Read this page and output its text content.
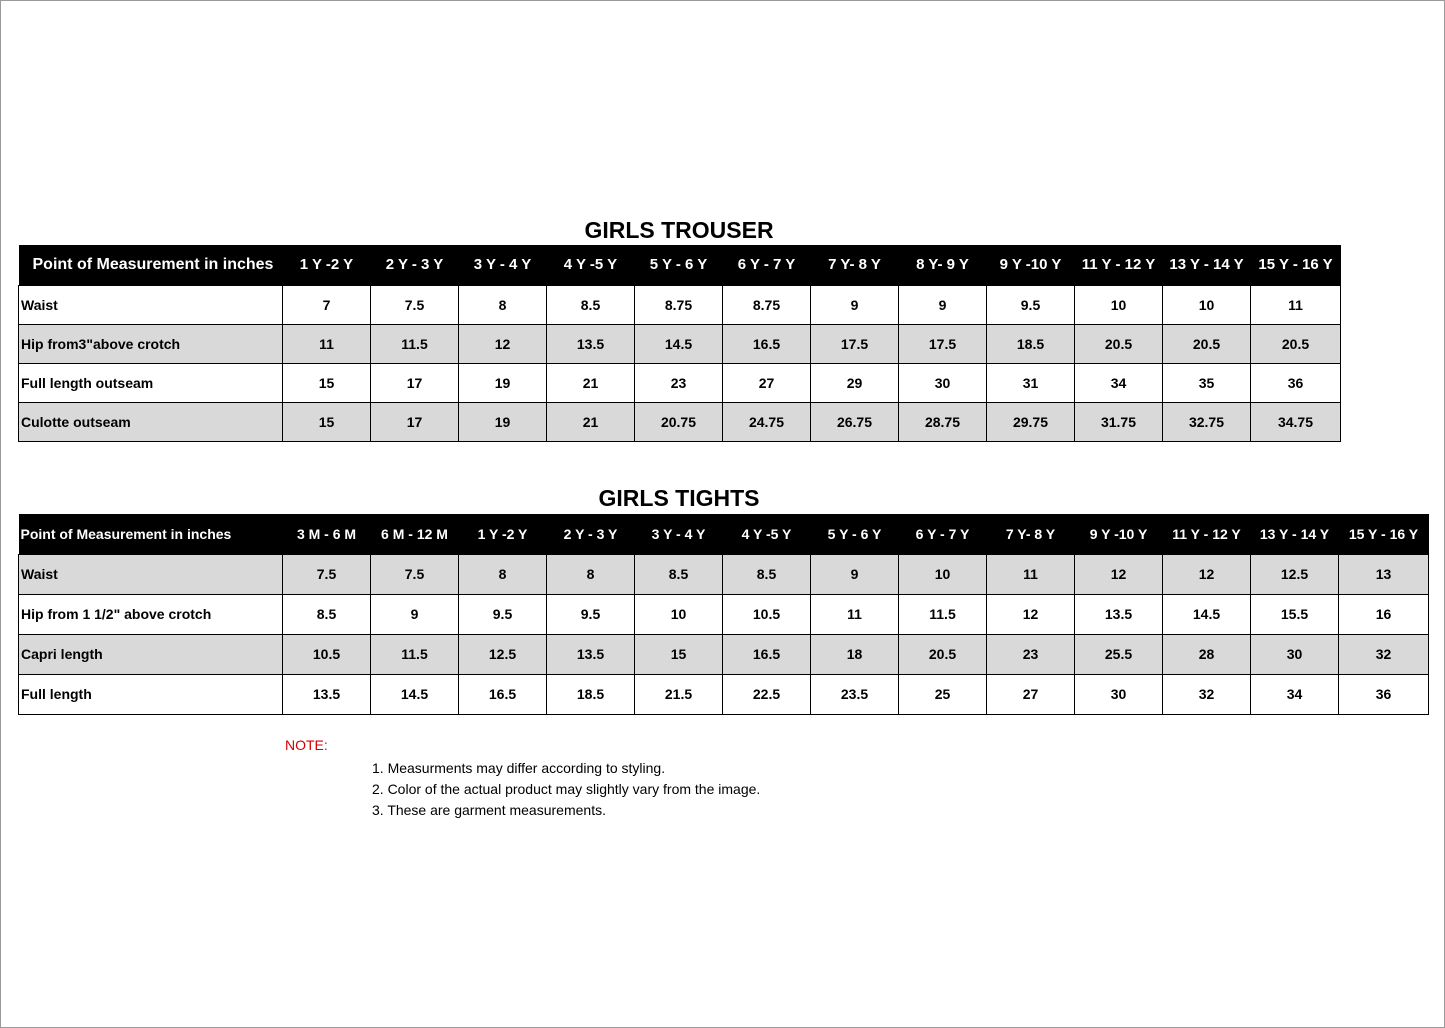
GIRLS TROUSER
Point of Measurement in inches	1 Y -2 Y	2 Y - 3 Y	3 Y - 4 Y	4 Y -5 Y	5 Y - 6 Y	6 Y - 7 Y	7 Y- 8 Y	8 Y- 9 Y	9 Y -10 Y	11 Y - 12 Y	13 Y - 14 Y	15 Y - 16 Y
Waist	7	7.5	8	8.5	8.75	8.75	9	9	9.5	10	10	11
Hip from3"above crotch	11	11.5	12	13.5	14.5	16.5	17.5	17.5	18.5	20.5	20.5	20.5
Full length outseam	15	17	19	21	23	27	29	30	31	34	35	36
Culotte outseam	15	17	19	21	20.75	24.75	26.75	28.75	29.75	31.75	32.75	34.75
GIRLS TIGHTS
Point of Measurement in inches	3 M - 6 M	6 M - 12 M	1 Y -2 Y	2 Y - 3 Y	3 Y - 4 Y	4 Y -5 Y	5 Y - 6 Y	6 Y - 7 Y	7 Y- 8 Y	9 Y -10 Y	11 Y - 12 Y	13 Y - 14 Y	15 Y - 16 Y
Waist	7.5	7.5	8	8	8.5	8.5	9	10	11	12	12	12.5	13
Hip from 1 1/2" above crotch	8.5	9	9.5	9.5	10	10.5	11	11.5	12	13.5	14.5	15.5	16
Capri length	10.5	11.5	12.5	13.5	15	16.5	18	20.5	23	25.5	28	30	32
Full length	13.5	14.5	16.5	18.5	21.5	22.5	23.5	25	27	30	32	34	36
NOTE:
1. Measurments may differ according to styling.
2. Color of the actual product may slightly vary from the image.
3. These are garment measurements.
